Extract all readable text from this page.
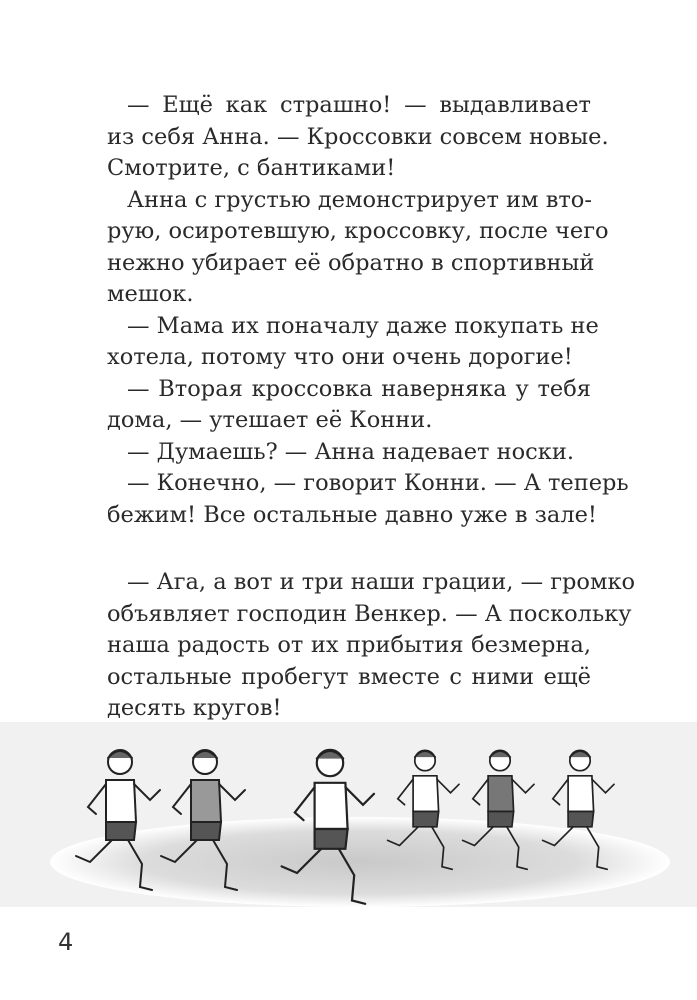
— Ещё как страшно! — выдавливает
из себя Анна. — Кроссовки совсем новые.
Смотрите, с бантиками!
Анна с грустью демонстрирует им вто-
рую, осиротевшую, кроссовку, после чего
нежно убирает её обратно в спортивный
мешок.
— Мама их поначалу даже покупать не
хотела, потому что они очень дорогие!
— Вторая кроссовка наверняка у тебя
дома, — утешает её Конни.
— Думаешь? — Анна надевает носки.
— Конечно, — говорит Конни. — А теперь
бежим! Все остальные давно уже в зале!
— Ага, а вот и три наши грации, — громко
объявляет господин Венкер. — А поскольку
наша радость от их прибытия безмерна,
остальные пробегут вместе с ними ещё
десять кругов!
4
